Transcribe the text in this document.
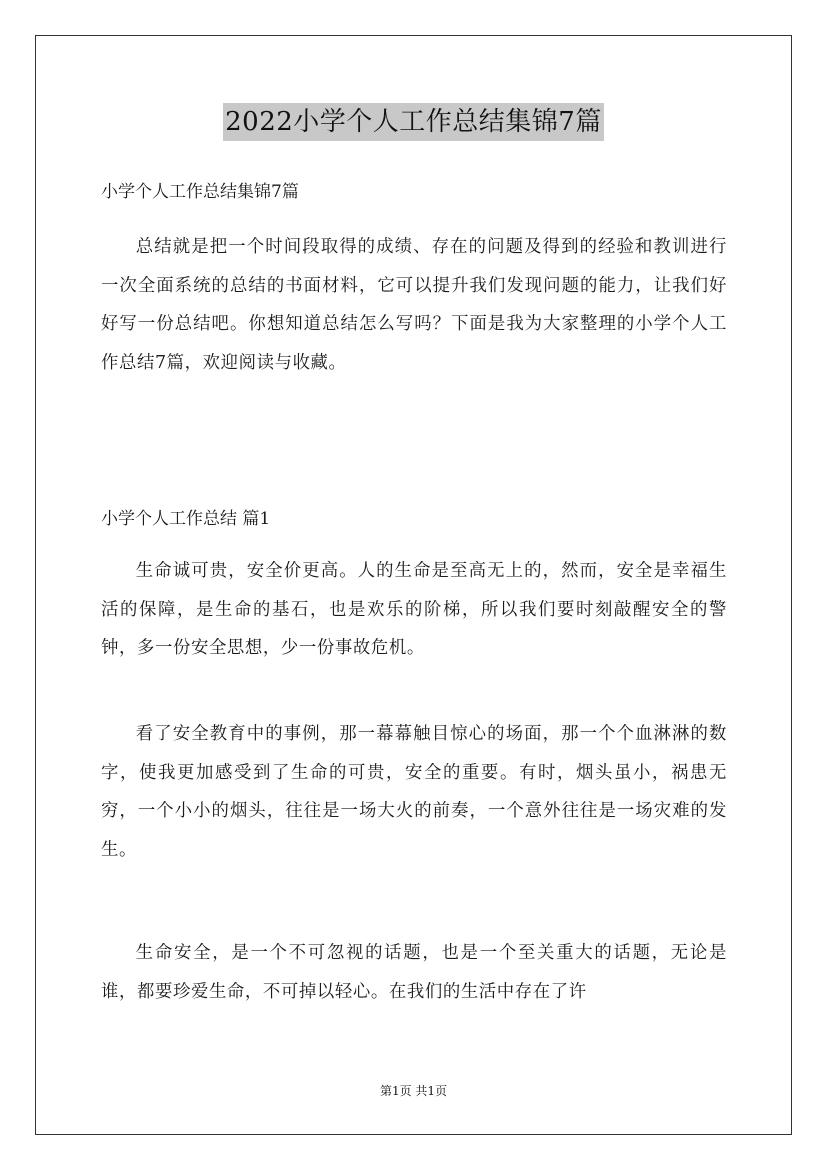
2022小学个人工作总结集锦7篇

小学个人工作总结集锦7篇

总结就是把一个时间段取得的成绩、存在的问题及得到的经验和教训进行一次全面系统的总结的书面材料，它可以提升我们发现问题的能力，让我们好好写一份总结吧。你想知道总结怎么写吗？下面是我为大家整理的小学个人工作总结7篇，欢迎阅读与收藏。

小学个人工作总结 篇1

生命诚可贵，安全价更高。人的生命是至高无上的，然而，安全是幸福生活的保障，是生命的基石，也是欢乐的阶梯，所以我们要时刻敲醒安全的警钟，多一份安全思想，少一份事故危机。

看了安全教育中的事例，那一幕幕触目惊心的场面，那一个个血淋淋的数字，使我更加感受到了生命的可贵，安全的重要。有时，烟头虽小，祸患无穷，一个小小的烟头，往往是一场大火的前奏，一个意外往往是一场灾难的发生。

生命安全，是一个不可忽视的话题，也是一个至关重大的话题，无论是谁，都要珍爱生命，不可掉以轻心。在我们的生活中存在了许

第1页 共1页
